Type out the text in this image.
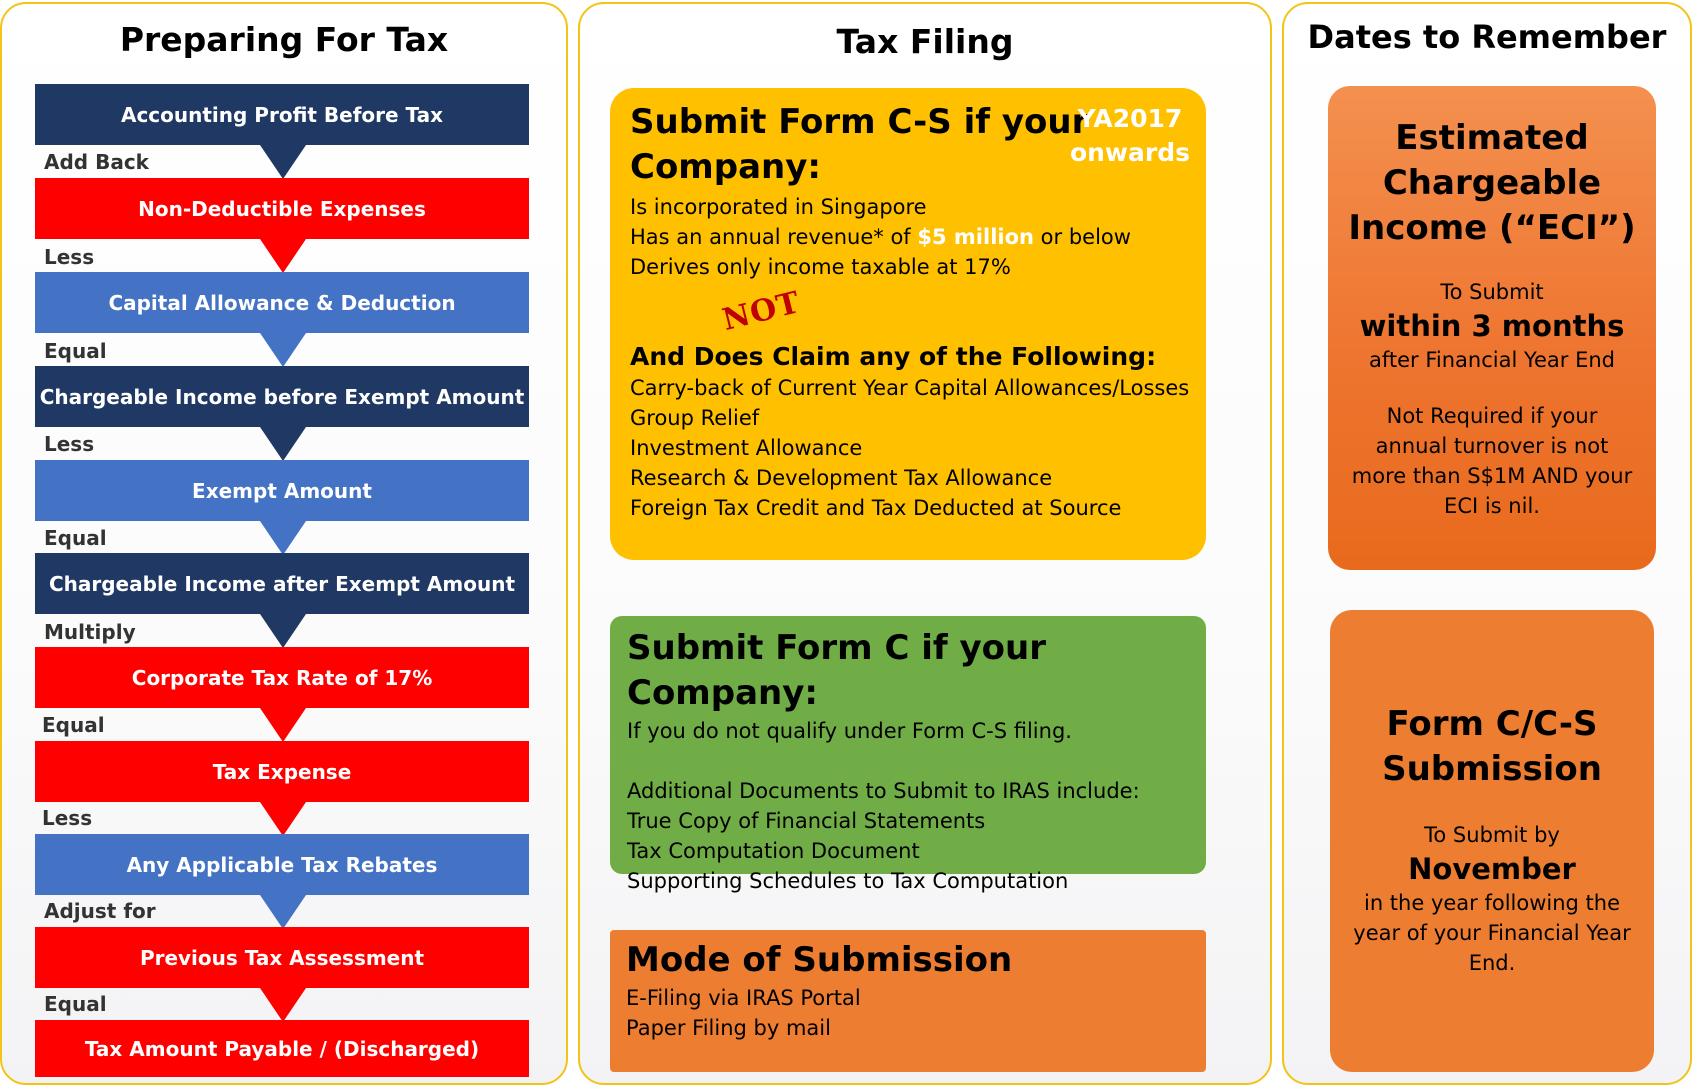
Preparing For Tax
Accounting Profit Before Tax
Add Back
Non-Deductible Expenses
Less
Capital Allowance & Deduction
Equal
Chargeable Income before Exempt Amount
Less
Exempt Amount
Equal
Chargeable Income after Exempt Amount
Multiply
Corporate Tax Rate of 17%
Equal
Tax Expense
Less
Any Applicable Tax Rebates
Adjust for
Previous Tax Assessment
Equal
Tax Amount Payable / (Discharged)
Tax Filing
Submit Form C-S if your
Company:
Is incorporated in Singapore
Has an annual revenue* of $5 million or below
Derives only income taxable at 17%
YA2017
onwards
NOT
And Does Claim any of the Following:
Carry-back of Current Year Capital Allowances/Losses
Group Relief
Investment Allowance
Research & Development Tax Allowance
Foreign Tax Credit and Tax Deducted at Source
Submit Form C if your Company:
If you do not qualify under Form C-S filing.
Additional Documents to Submit to IRAS include:
True Copy of Financial Statements
Tax Computation Document
Supporting Schedules to Tax Computation
Mode of Submission
E-Filing via IRAS Portal
Paper Filing by mail
Dates to Remember
Estimated
Chargeable
Income (“ECI”)
To Submit
within 3 months
after Financial Year End
Not Required if your
annual turnover is not
more than S$1M AND your
ECI is nil.
Form C/C-S
Submission
To Submit by
November
in the year following the
year of your Financial Year
End.
